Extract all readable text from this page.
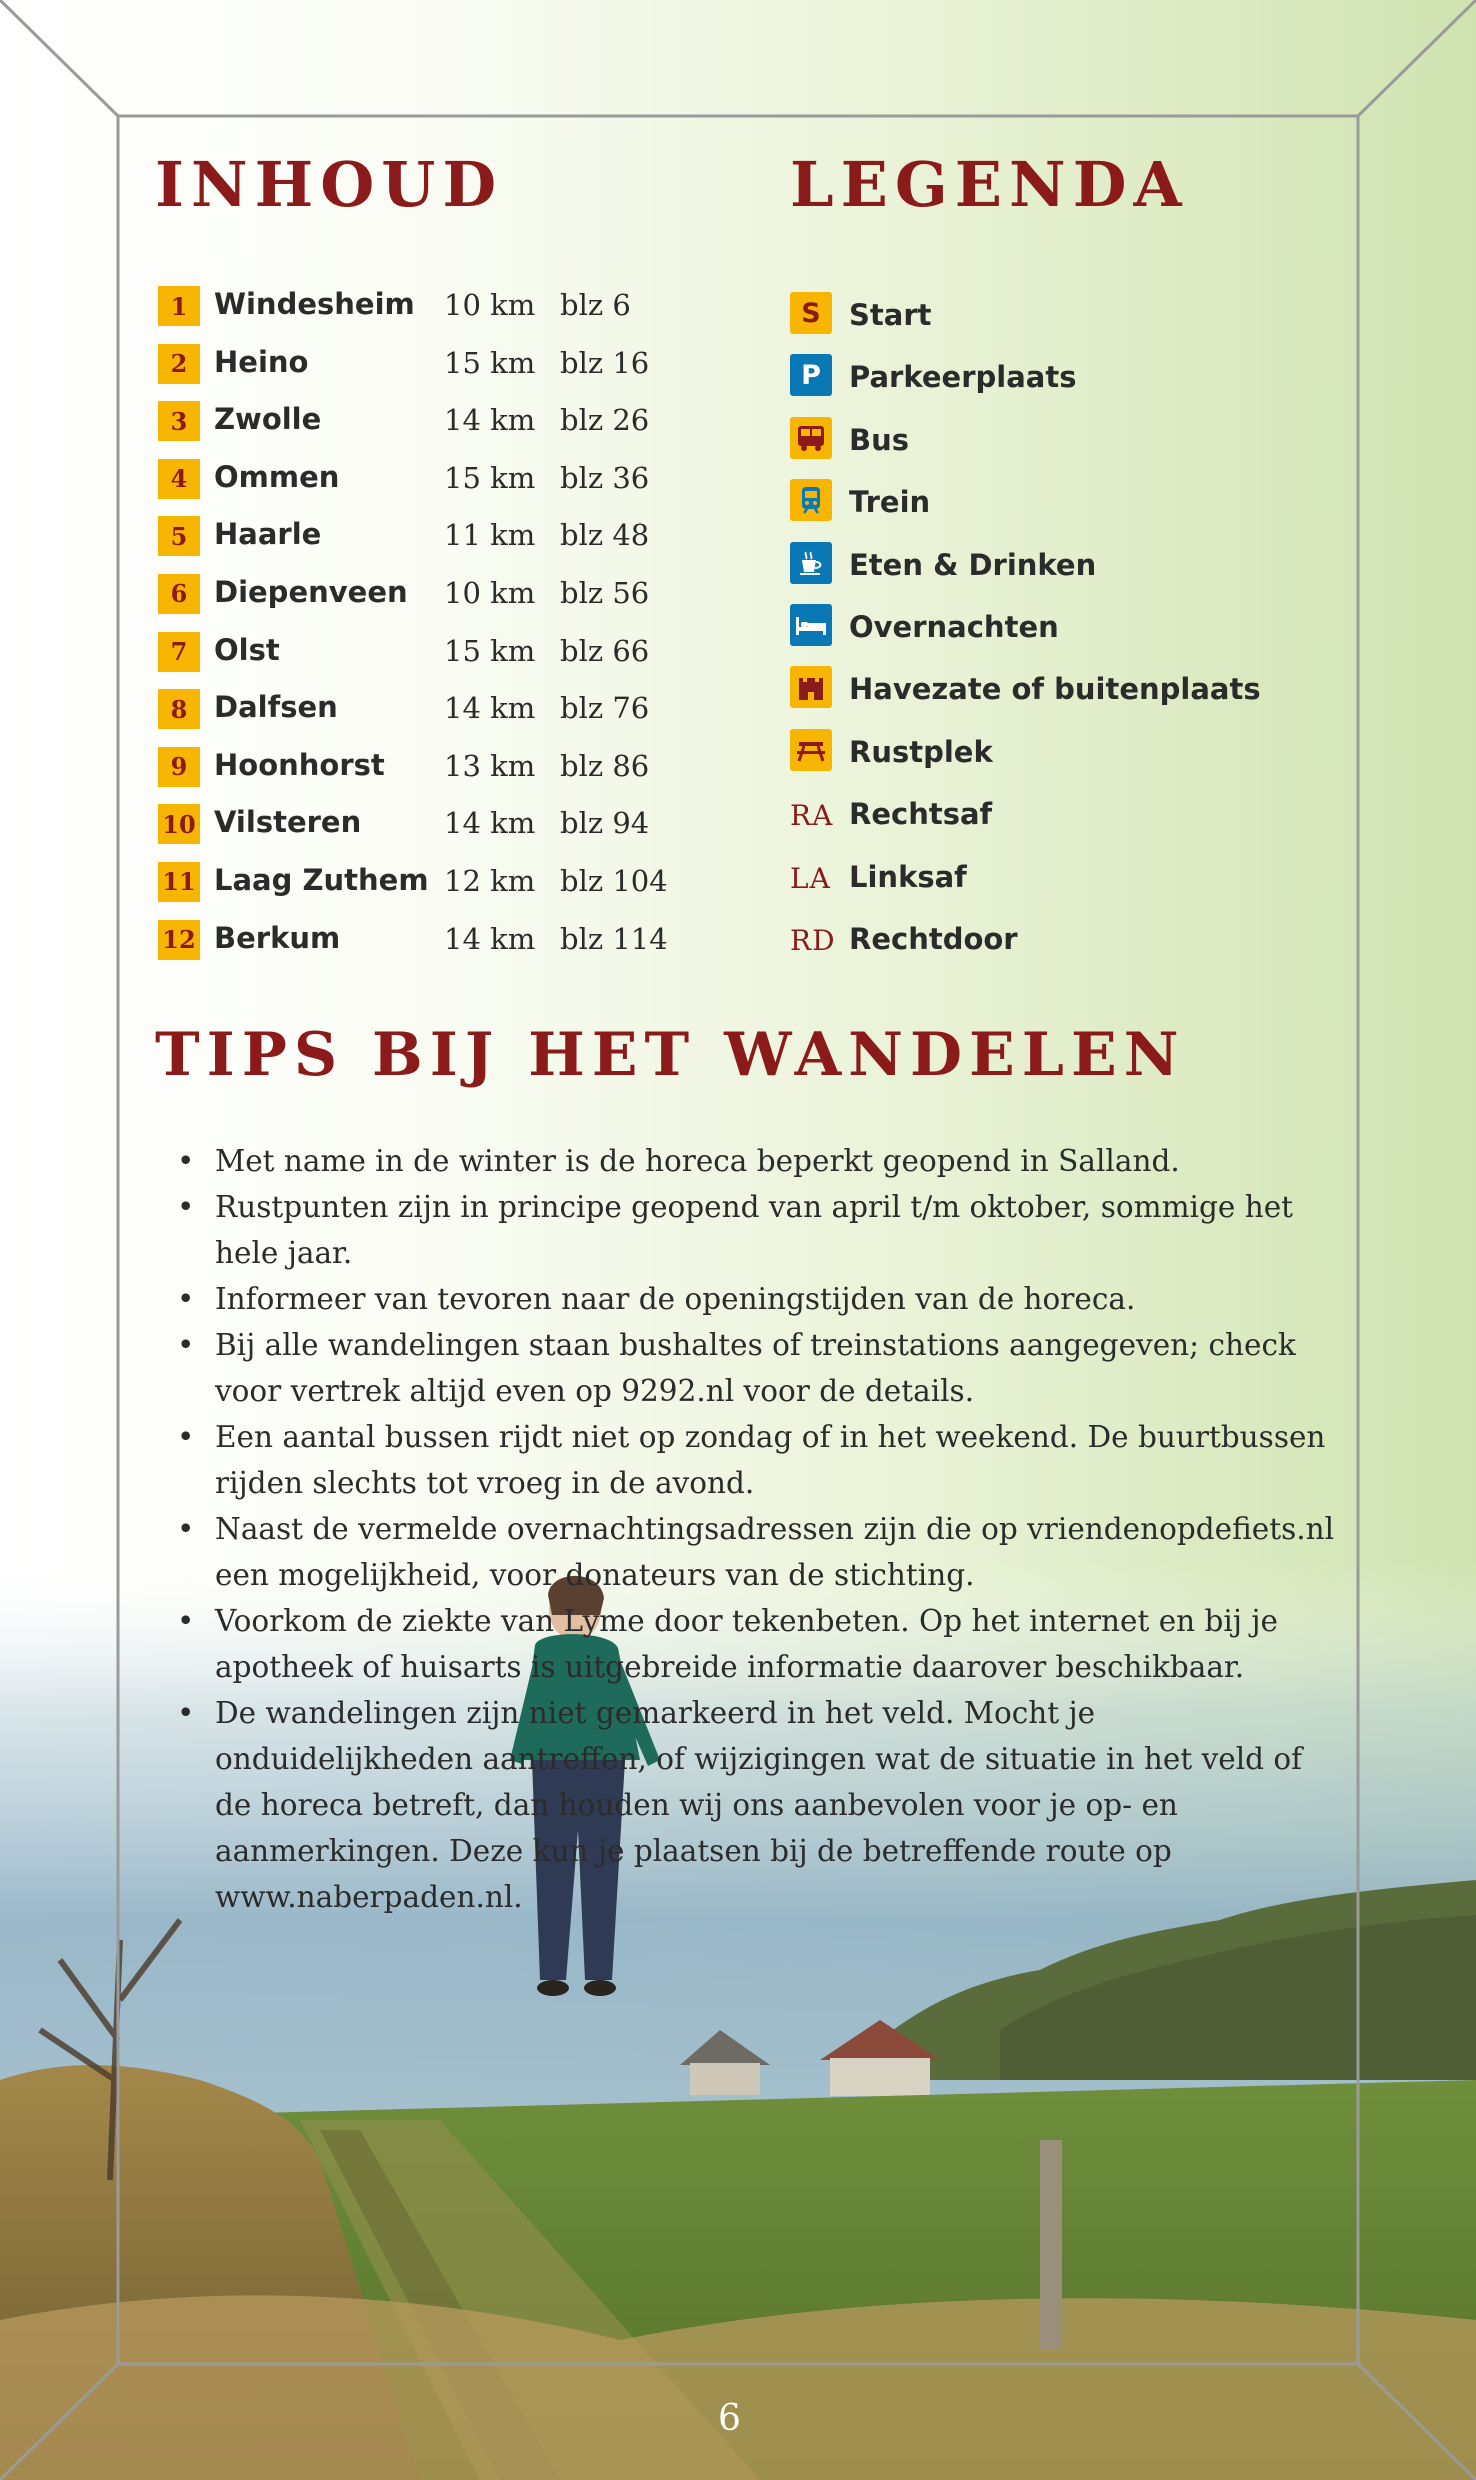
INHOUD	LEGENDA
1 Windesheim 10 km blz 6
2 Heino	15 km blz 16
3 Zwolle	14 km blz 26
4 Ommen	15 km blz 36
5 Haarle	11 km blz 48
6 Diepenveen 10 km blz 56
7 Olst	15 km blz 66
8 Dalfsen	14 km blz 76
9 Hoonhorst 13 km blz 86
10 Vilsteren	14 km blz 94
11 Laag Zuthem 12 km blz 104
12 Berkum	14 km blz 114
S Start
P Parkeerplaats
Bus
Trein
Eten & Drinken
Overnachten
Havezate of buitenplaats
Rustplek
RA Rechtsaf
LA Linksaf
RD Rechtdoor
TIPS BIJ HET WANDELEN
• Met name in de winter is de horeca beperkt geopend in Salland.
• Rustpunten zijn in principe geopend van april t/m oktober, sommige het hele jaar.
• Informeer van tevoren naar de openingstijden van de horeca.
• Bij alle wandelingen staan bushaltes of treinstations aangegeven; check voor vertrek altijd even op 9292.nl voor de details.
• Een aantal bussen rijdt niet op zondag of in het weekend. De buurtbussen rijden slechts tot vroeg in de avond.
• Naast de vermelde overnachtingsadressen zijn die op vriendenopdefiets.nl een mogelijkheid, voor donateurs van de stichting.
• Voorkom de ziekte van Lyme door tekenbeten. Op het internet en bij je apotheek of huisarts is uitgebreide informatie daarover beschikbaar.
• De wandelingen zijn niet gemarkeerd in het veld. Mocht je onduidelijkheden aantreffen, of wijzigingen wat de situatie in het veld of de horeca betreft, dan houden wij ons aanbevolen voor je op- en aanmerkingen. Deze kun je plaatsen bij de betreffende route op www.naberpaden.nl.
6
